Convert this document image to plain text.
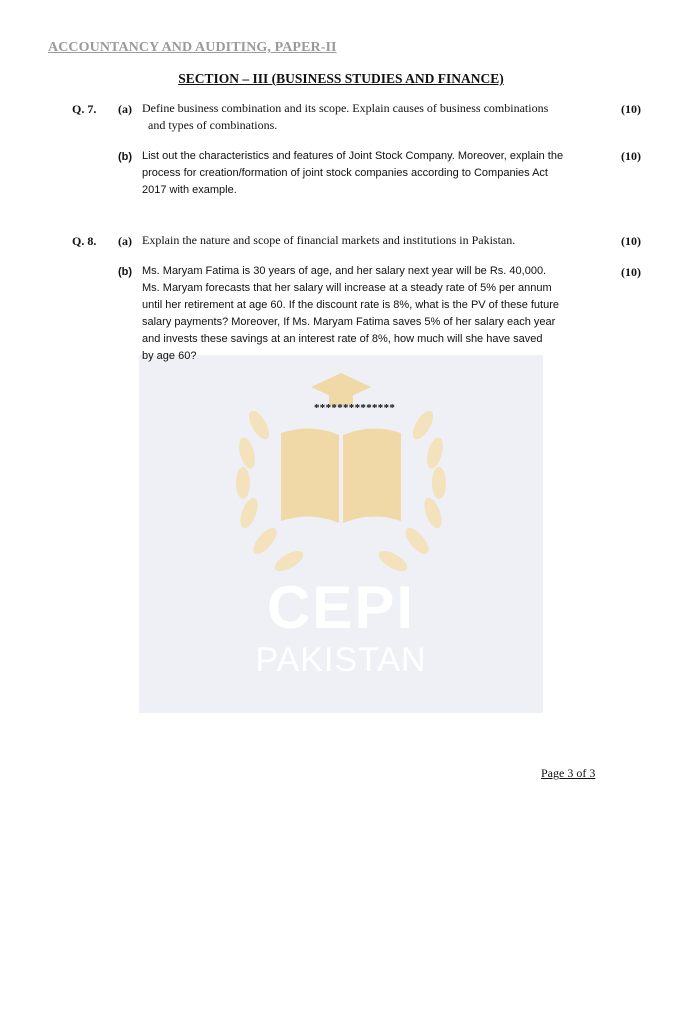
CEPI
PAKISTAN
ACCOUNTANCY AND AUDITING, PAPER-II
SECTION – III (BUSINESS STUDIES AND FINANCE)
Q. 7. (a) Define business combination and its scope. Explain causes of business combinations
and types of combinations.
(10)
(b) List out the characteristics and features of Joint Stock Company. Moreover, explain the
process for creation/formation of joint stock companies according to Companies Act
2017 with example.
(10)
Q. 8. (a) Explain the nature and scope of financial markets and institutions in Pakistan.	(10)
(b) Ms. Maryam Fatima is 30 years of age, and her salary next year will be Rs. 40,000.
Ms. Maryam forecasts that her salary will increase at a steady rate of 5% per annum
until her retirement at age 60. If the discount rate is 8%, what is the PV of these future
salary payments? Moreover, If Ms. Maryam Fatima saves 5% of her salary each year
and invests these savings at an interest rate of 8%, how much will she have saved
by age 60?
(10)
**************
Page 3 of 3
